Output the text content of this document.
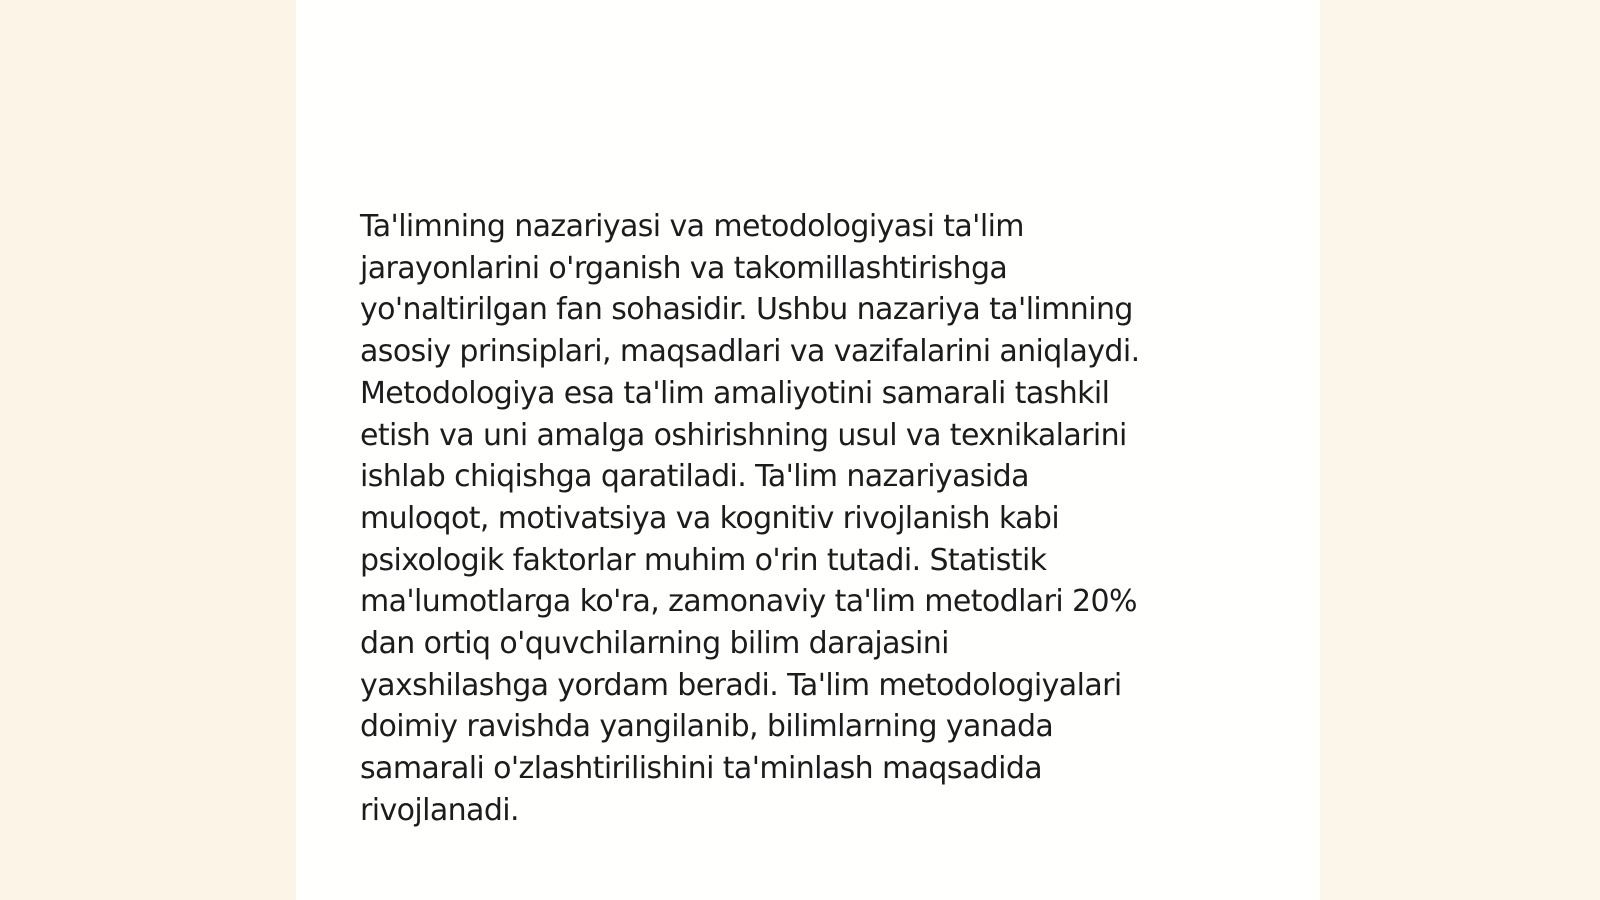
Ta'limning nazariyasi va metodologiyasi ta'lim
jarayonlarini o'rganish va takomillashtirishga
yo'naltirilgan fan sohasidir. Ushbu nazariya ta'limning
asosiy prinsiplari, maqsadlari va vazifalarini aniqlaydi.
Metodologiya esa ta'lim amaliyotini samarali tashkil
etish va uni amalga oshirishning usul va texnikalarini
ishlab chiqishga qaratiladi. Ta'lim nazariyasida
muloqot, motivatsiya va kognitiv rivojlanish kabi
psixologik faktorlar muhim o'rin tutadi. Statistik
ma'lumotlarga ko'ra, zamonaviy ta'lim metodlari 20%
dan ortiq o'quvchilarning bilim darajasini
yaxshilashga yordam beradi. Ta'lim metodologiyalari
doimiy ravishda yangilanib, bilimlarning yanada
samarali o'zlashtirilishini ta'minlash maqsadida
rivojlanadi.
